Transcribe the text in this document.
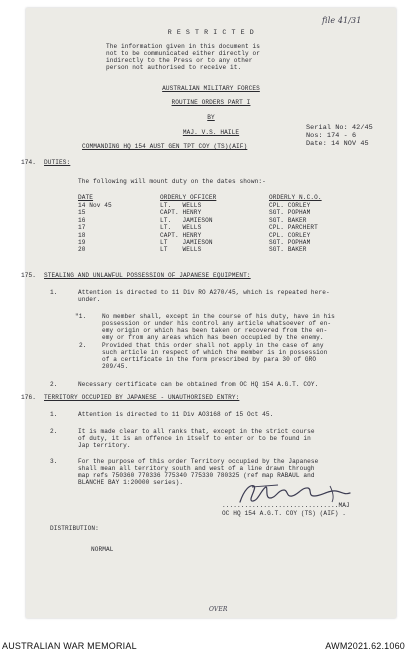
file 41/31
R E S T R I C T E D
The information given in this document is
not to be communicated either directly or
indirectly to the Press or to any other
person not authorised to receive it.
AUSTRALIAN MILITARY FORCES
ROUTINE ORDERS PART I
BY
MAJ. V.S. HAILE
COMMANDING HQ 154 AUST GEN TPT COY (TS)(AIF)
Serial No: 42/45
Nos: 174 - 6
Date: 14 NOV 45
174. DUTIES:
The following will mount duty on the dates shown:-
DATE	ORDERLY OFFICER	ORDERLY N.C.O.
14 Nov 45	LT.   WELLS	CPL. CORLEY
15	CAPT. HENRY	SGT. POPHAM
16	LT.   JAMIESON	SGT. BAKER
17	LT.   WELLS	CPL. PARCHERT
18	CAPT. HENRY	CPL. CORLEY
19	LT    JAMIESON	SGT. POPHAM
20	LT    WELLS	SGT. BAKER
175. STEALING AND UNLAWFUL POSSESSION OF JAPANESE EQUIPMENT:
1.	Attention is directed to 11 Div RO A270/45, which is repeated here-
under.
"1.	No member shall, except in the course of his duty, have in his
possession or under his control any article whatsoever of en-
emy origin or which has been taken or recovered from the en-
emy or from any areas which has been occupied by the enemy.
2.	Provided that this order shall not apply in the case of any
such article in respect of which the member is in possession
of a certificate in the form prescribed by para 30 of GRO
209/45.
2.	Necessary certificate can be obtained from OC HQ 154 A.G.T. COY.
176. TERRITORY OCCUPIED BY JAPANESE - UNAUTHORISED ENTRY:
1.	Attention is directed to 11 Div AO3168 of 15 Oct 45.
2.	It is made clear to all ranks that, except in the strict course
of duty, it is an offence in itself to enter or to be found in
Jap territory.
3.	For the purpose of this order Territory occupied by the Japanese
shall mean all territory south and west of a line drawn through
map refs 750360 770336 775340 775330 780325 (ref map RABAUL and
BLANCHE BAY 1:20000 series).
...............................MAJ
OC HQ 154 A.G.T. COY (TS) (AIF) .
DISTRIBUTION:
NORMAL
OVER
AUSTRALIAN WAR MEMORIAL	AWM2021.62.1060
